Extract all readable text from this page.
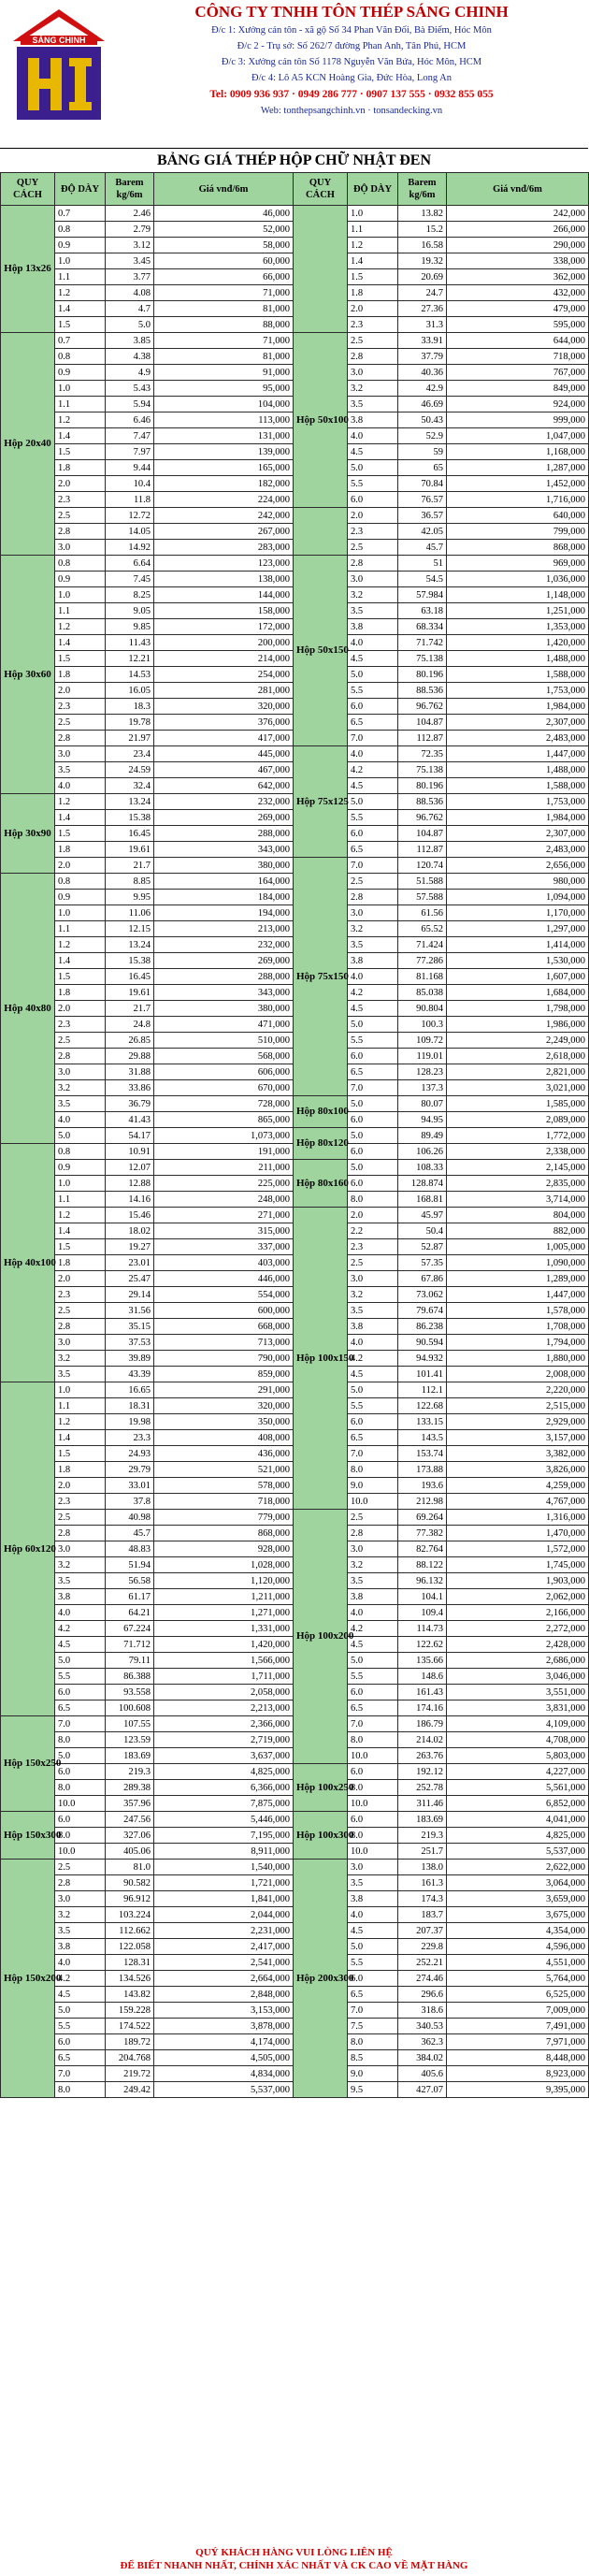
SÁNG CHINH
CÔNG TY TNHH TÔN THÉP SÁNG CHINH
Đ/c 1: Xưởng cán tôn - xã gộ Số 34 Phan Văn Đối, Bà Điểm, Hóc Môn
Đ/c 2 - Trụ sở: Số 262/7 đường Phan Anh, Tân Phú, HCM
Đ/c 3: Xưởng cán tôn Số 1178 Nguyễn Văn Bứa, Hóc Môn, HCM
Đ/c 4: Lô A5 KCN Hoàng Gia, Đức Hòa, Long An
Tel: 0909 936 937 · 0949 286 777 · 0907 137 555 · 0932 855 055
Web: tonthepsangchinh.vn · tonsandecking.vn
BẢNG GIÁ THÉP HỘP CHỮ NHẬT ĐEN
QUY CÁCH	ĐỘ DÀY	Barem kg/6m	Giá vnđ/6m	QUY CÁCH	ĐỘ DÀY	Barem kg/6m	Giá vnđ/6m
Hộp 13x26	0.7	2.46	46,000		1.0	13.82	242,000
	0.8	2.79	52,000		1.1	15.2	266,000
	0.9	3.12	58,000		1.2	16.58	290,000
	1.0	3.45	60,000		1.4	19.32	338,000
	1.1	3.77	66,000		1.5	20.69	362,000
	1.2	4.08	71,000		1.8	24.7	432,000
	1.4	4.7	81,000		2.0	27.36	479,000
	1.5	5.0	88,000		2.3	31.3	595,000
Hộp 20x40	0.7	3.85	71,000	Hộp 50x100	2.5	33.91	644,000
	0.8	4.38	81,000		2.8	37.79	718,000
	0.9	4.9	91,000		3.0	40.36	767,000
	1.0	5.43	95,000		3.2	42.9	849,000
	1.1	5.94	104,000		3.5	46.69	924,000
	1.2	6.46	113,000		3.8	50.43	999,000
	1.4	7.47	131,000		4.0	52.9	1,047,000
	1.5	7.97	139,000		4.5	59	1,168,000
	1.8	9.44	165,000		5.0	65	1,287,000
	2.0	10.4	182,000		5.5	70.84	1,452,000
	2.3	11.8	224,000		6.0	76.57	1,716,000
	2.5	12.72	242,000		2.0	36.57	640,000
	2.8	14.05	267,000		2.3	42.05	799,000
	3.0	14.92	283,000		2.5	45.7	868,000
Hộp 30x60	0.8	6.64	123,000	Hộp 50x150	2.8	51	969,000
	0.9	7.45	138,000		3.0	54.5	1,036,000
	1.0	8.25	144,000		3.2	57.984	1,148,000
	1.1	9.05	158,000		3.5	63.18	1,251,000
	1.2	9.85	172,000		3.8	68.334	1,353,000
	1.4	11.43	200,000		4.0	71.742	1,420,000
	1.5	12.21	214,000		4.5	75.138	1,488,000
	1.8	14.53	254,000		5.0	80.196	1,588,000
	2.0	16.05	281,000		5.5	88.536	1,753,000
	2.3	18.3	320,000		6.0	96.762	1,984,000
	2.5	19.78	376,000		6.5	104.87	2,307,000
	2.8	21.97	417,000		7.0	112.87	2,483,000
	3.0	23.4	445,000	Hộp 75x125	4.0	72.35	1,447,000
	3.5	24.59	467,000		4.2	75.138	1,488,000
	4.0	32.4	642,000		4.5	80.196	1,588,000
Hộp 30x90	1.2	13.24	232,000		5.0	88.536	1,753,000
	1.4	15.38	269,000		5.5	96.762	1,984,000
	1.5	16.45	288,000		6.0	104.87	2,307,000
	1.8	19.61	343,000		6.5	112.87	2,483,000
	2.0	21.7	380,000	Hộp 75x150	7.0	120.74	2,656,000
Hộp 40x80	0.8	8.85	164,000		2.5	51.588	980,000
	0.9	9.95	184,000		2.8	57.588	1,094,000
	1.0	11.06	194,000		3.0	61.56	1,170,000
	1.1	12.15	213,000		3.2	65.52	1,297,000
	1.2	13.24	232,000		3.5	71.424	1,414,000
	1.4	15.38	269,000		3.8	77.286	1,530,000
	1.5	16.45	288,000		4.0	81.168	1,607,000
	1.8	19.61	343,000		4.2	85.038	1,684,000
	2.0	21.7	380,000		4.5	90.804	1,798,000
	2.3	24.8	471,000		5.0	100.3	1,986,000
	2.5	26.85	510,000		5.5	109.72	2,249,000
	2.8	29.88	568,000		6.0	119.01	2,618,000
	3.0	31.88	606,000		6.5	128.23	2,821,000
	3.2	33.86	670,000		7.0	137.3	3,021,000
	3.5	36.79	728,000	Hộp 80x100	5.0	80.07	1,585,000
	4.0	41.43	865,000		6.0	94.95	2,089,000
	5.0	54.17	1,073,000	Hộp 80x120	5.0	89.49	1,772,000
Hộp 40x100	0.8	10.91	191,000		6.0	106.26	2,338,000
	0.9	12.07	211,000	Hộp 80x160	5.0	108.33	2,145,000
	1.0	12.88	225,000		6.0	128.874	2,835,000
	1.1	14.16	248,000		8.0	168.81	3,714,000
	1.2	15.46	271,000	Hộp 100x150	2.0	45.97	804,000
	1.4	18.02	315,000		2.2	50.4	882,000
	1.5	19.27	337,000		2.3	52.87	1,005,000
	1.8	23.01	403,000		2.5	57.35	1,090,000
	2.0	25.47	446,000		3.0	67.86	1,289,000
	2.3	29.14	554,000		3.2	73.062	1,447,000
	2.5	31.56	600,000		3.5	79.674	1,578,000
	2.8	35.15	668,000		3.8	86.238	1,708,000
	3.0	37.53	713,000		4.0	90.594	1,794,000
	3.2	39.89	790,000		4.2	94.932	1,880,000
	3.5	43.39	859,000		4.5	101.41	2,008,000
Hộp 60x120	1.0	16.65	291,000		5.0	112.1	2,220,000
	1.1	18.31	320,000		5.5	122.68	2,515,000
	1.2	19.98	350,000		6.0	133.15	2,929,000
	1.4	23.3	408,000		6.5	143.5	3,157,000
	1.5	24.93	436,000		7.0	153.74	3,382,000
	1.8	29.79	521,000		8.0	173.88	3,826,000
	2.0	33.01	578,000		9.0	193.6	4,259,000
	2.3	37.8	718,000		10.0	212.98	4,767,000
	2.5	40.98	779,000	Hộp 100x200	2.5	69.264	1,316,000
	2.8	45.7	868,000		2.8	77.382	1,470,000
	3.0	48.83	928,000		3.0	82.764	1,572,000
	3.2	51.94	1,028,000		3.2	88.122	1,745,000
	3.5	56.58	1,120,000		3.5	96.132	1,903,000
	3.8	61.17	1,211,000		3.8	104.1	2,062,000
	4.0	64.21	1,271,000		4.0	109.4	2,166,000
	4.2	67.224	1,331,000		4.2	114.73	2,272,000
	4.5	71.712	1,420,000		4.5	122.62	2,428,000
	5.0	79.11	1,566,000		5.0	135.66	2,686,000
	5.5	86.388	1,711,000		5.5	148.6	3,046,000
	6.0	93.558	2,058,000		6.0	161.43	3,551,000
	6.5	100.608	2,213,000		6.5	174.16	3,831,000
Hộp 150x250	7.0	107.55	2,366,000		7.0	186.79	4,109,000
	8.0	123.59	2,719,000		8.0	214.02	4,708,000
	5.0	183.69	3,637,000		10.0	263.76	5,803,000
	6.0	219.3	4,825,000	Hộp 100x250	6.0	192.12	4,227,000
	8.0	289.38	6,366,000		8.0	252.78	5,561,000
	10.0	357.96	7,875,000		10.0	311.46	6,852,000
Hộp 150x300	6.0	247.56	5,446,000	Hộp 100x300	6.0	183.69	4,041,000
	8.0	327.06	7,195,000		8.0	219.3	4,825,000
	10.0	405.06	8,911,000		10.0	251.7	5,537,000
Hộp 150x200	2.5	81.0	1,540,000	Hộp 200x300	3.0	138.0	2,622,000
	2.8	90.582	1,721,000		3.5	161.3	3,064,000
	3.0	96.912	1,841,000		3.8	174.3	3,659,000
	3.2	103.224	2,044,000		4.0	183.7	3,675,000
	3.5	112.662	2,231,000		4.5	207.37	4,354,000
	3.8	122.058	2,417,000		5.0	229.8	4,596,000
	4.0	128.31	2,541,000		5.5	252.21	4,551,000
	4.2	134.526	2,664,000		6.0	274.46	5,764,000
	4.5	143.82	2,848,000		6.5	296.6	6,525,000
	5.0	159.228	3,153,000		7.0	318.6	7,009,000
	5.5	174.522	3,878,000		7.5	340.53	7,491,000
	6.0	189.72	4,174,000		8.0	362.3	7,971,000
	6.5	204.768	4,505,000		8.5	384.02	8,448,000
	7.0	219.72	4,834,000		9.0	405.6	8,923,000
	8.0	249.42	5,537,000		9.5	427.07	9,395,000
QUÝ KHÁCH HÀNG VUI LÒNG LIÊN HỆ
ĐỂ BIẾT NHANH NHẤT, CHÍNH XÁC NHẤT VÀ CK CAO VỀ MẶT HÀNG
